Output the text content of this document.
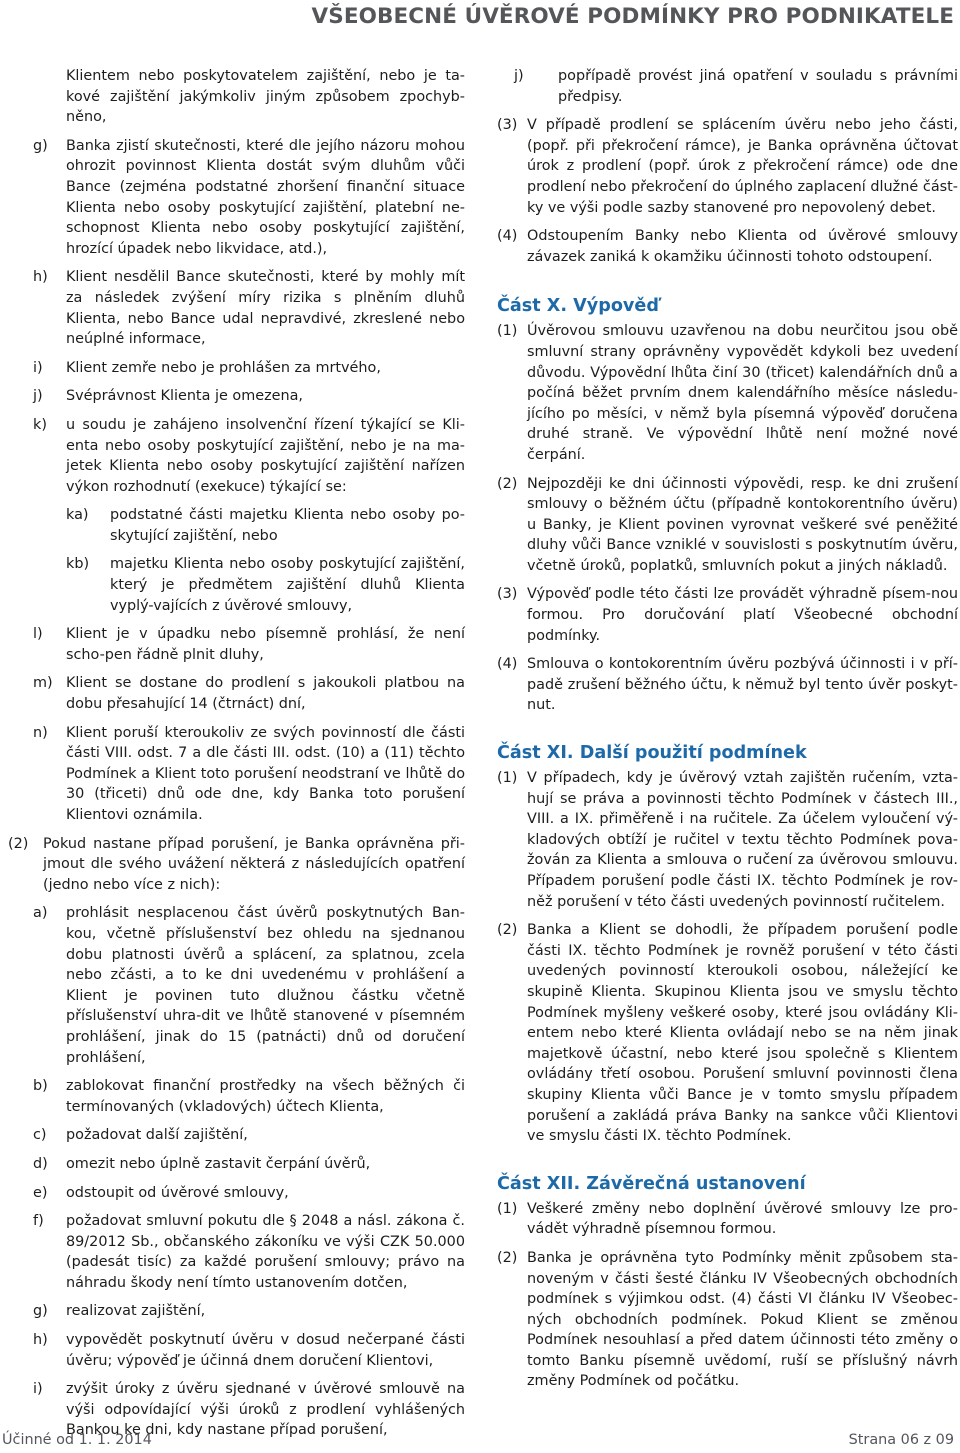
VŠEOBECNÉ ÚVĚROVÉ PODMÍNKY PRO PODNIKATELE
Klientem nebo poskytovatelem zajištění, nebo je ta-kové zajištění jakýmkoliv jiným způsobem zpochyb-něno,
g)	Banka zjistí skutečnosti, které dle jejího názoru mohou ohrozit povinnost Klienta dostát svým dluhům vůči Bance (zejména podstatné zhoršení finanční situace Klienta nebo osoby poskytující zajištění, platební ne-schopnost Klienta nebo osoby poskytující zajištění, hrozící úpadek nebo likvidace, atd.),
h)	Klient nesdělil Bance skutečnosti, které by mohly mít za následek zvýšení míry rizika s plněním dluhů Klienta, nebo Bance udal nepravdivé, zkreslené nebo neúplné informace,
i)	Klient zemře nebo je prohlášen za mrtvého,
j)	Svéprávnost Klienta je omezena,
k)	u soudu je zahájeno insolvenční řízení týkající se Kli-enta nebo osoby poskytující zajištění, nebo je na ma-jetek Klienta nebo osoby poskytující zajištění nařízen výkon rozhodnutí (exekuce) týkající se:
ka)	podstatné části majetku Klienta nebo osoby po-skytující zajištění, nebo
kb)	majetku Klienta nebo osoby poskytující zajištění, který je předmětem zajištění dluhů Klienta vyplý-vajících z úvěrové smlouvy,
l)	Klient je v úpadku nebo písemně prohlásí, že není scho-pen řádně plnit dluhy,
m) Klient se dostane do prodlení s jakoukoli platbou na dobu přesahující 14 (čtrnáct) dní,
n)	Klient poruší kteroukoliv ze svých povinností dle části části VIII. odst. 7 a dle části III. odst. (10) a (11) těchto Podmínek a Klient toto porušení neodstraní ve lhůtě do 30 (třiceti) dnů ode dne, kdy Banka toto porušení Klientovi oznámila.
(2)	Pokud nastane případ porušení, je Banka oprávněna při-jmout dle svého uvážení některá z následujících opatření (jedno nebo více z nich):
a)	prohlásit nesplacenou část úvěrů poskytnutých Ban-kou, včetně příslušenství bez ohledu na sjednanou dobu platnosti úvěrů a splácení, za splatnou, zcela nebo zčásti, a to ke dni uvedenému v prohlášení a Klient je povinen tuto dlužnou částku včetně příslušenství uhra-dit ve lhůtě stanovené v písemném prohlášení, jinak do 15 (patnácti) dnů od doručení prohlášení,
b)	zablokovat finanční prostředky na všech běžných či termínovaných (vkladových) účtech Klienta,
c)	požadovat další zajištění,
d)	omezit nebo úplně zastavit čerpání úvěrů,
e)	odstoupit od úvěrové smlouvy,
f)	požadovat smluvní pokutu dle § 2048 a násl. zákona č. 89/2012 Sb., občanského zákoníku ve výši CZK 50.000 (padesát tisíc) za každé porušení smlouvy; právo na náhradu škody není tímto ustanovením dotčen,
g)	realizovat zajištění,
h)	vypovědět poskytnutí úvěru v dosud nečerpané části úvěru; výpověď je účinná dnem doručení Klientovi,
i)	zvýšit úroky z úvěru sjednané v úvěrové smlouvě na výši odpovídající výši úroků z prodlení vyhlášených Bankou ke dni, kdy nastane případ porušení,
j)	popřípadě provést jiná opatření v souladu s právními předpisy.
(3) V případě prodlení se splácením úvěru nebo jeho části, (popř. při překročení rámce), je Banka oprávněna účtovat úrok z prodlení (popř. úrok z překročení rámce) ode dne prodlení nebo překročení do úplného zaplacení dlužné část-ky ve výši podle sazby stanovené pro nepovolený debet.
(4) Odstoupením Banky nebo Klienta od úvěrové smlouvy závazek zaniká k okamžiku účinnosti tohoto odstoupení.
Část X. Výpověď
(1) Úvěrovou smlouvu uzavřenou na dobu neurčitou jsou obě smluvní strany oprávněny vypovědět kdykoli bez uvedení důvodu. Výpovědní lhůta činí 30 (třicet) kalendářních dnů a počíná běžet prvním dnem kalendářního měsíce následu-jícího po měsíci, v němž byla písemná výpověď doručena druhé straně. Ve výpovědní lhůtě není možné nové čerpání.
(2) Nejpozději ke dni účinnosti výpovědi, resp. ke dni zrušení smlouvy o běžném účtu (případně kontokorentního úvěru) u Banky, je Klient povinen vyrovnat veškeré své peněžité dluhy vůči Bance vzniklé v souvislosti s poskytnutím úvěru, včetně úroků, poplatků, smluvních pokut a jiných nákladů.
(3) Výpověď podle této části lze provádět výhradně písem-nou formou. Pro doručování platí Všeobecné obchodní podmínky.
(4) Smlouva o kontokorentním úvěru pozbývá účinnosti i v pří-padě zrušení běžného účtu, k němuž byl tento úvěr poskyt-nut.
Část XI. Další použití podmínek
(1) V případech, kdy je úvěrový vztah zajištěn ručením, vzta-hují se práva a povinnosti těchto Podmínek v částech III., VIII. a IX. přiměřeně i na ručitele. Za účelem vyloučení vý-kladových obtíží je ručitel v textu těchto Podmínek pova-žován za Klienta a smlouva o ručení za úvěrovou smlouvu. Případem porušení podle části IX. těchto Podmínek je rov-něž porušení v této části uvedených povinností ručitelem.
(2) Banka a Klient se dohodli, že případem porušení podle části IX. těchto Podmínek je rovněž porušení v této části uvedených povinností kteroukoli osobou, náležející ke skupině Klienta. Skupinou Klienta jsou ve smyslu těchto Podmínek myšleny veškeré osoby, které jsou ovládány Kli-entem nebo které Klienta ovládají nebo se na něm jinak majetkově účastní, nebo které jsou společně s Klientem ovládány třetí osobou. Porušení smluvní povinnosti člena skupiny Klienta vůči Bance je v tomto smyslu případem porušení a zakládá práva Banky na sankce vůči Klientovi ve smyslu části IX. těchto Podmínek.
Část XII. Závěrečná ustanovení
(1) Veškeré změny nebo doplnění úvěrové smlouvy lze pro-vádět výhradně písemnou formou.
(2) Banka je oprávněna tyto Podmínky měnit způsobem sta-noveným v části šesté článku IV Všeobecných obchodních podmínek s výjimkou odst. (4) části VI článku IV Všeobec-ných obchodních podmínek. Pokud Klient se změnou Podmínek nesouhlasí a před datem účinnosti této změny o tomto Banku písemně uvědomí, ruší se příslušný návrh změny Podmínek od počátku.
Účinné od 1. 1. 2014	Strana 06 z 09
